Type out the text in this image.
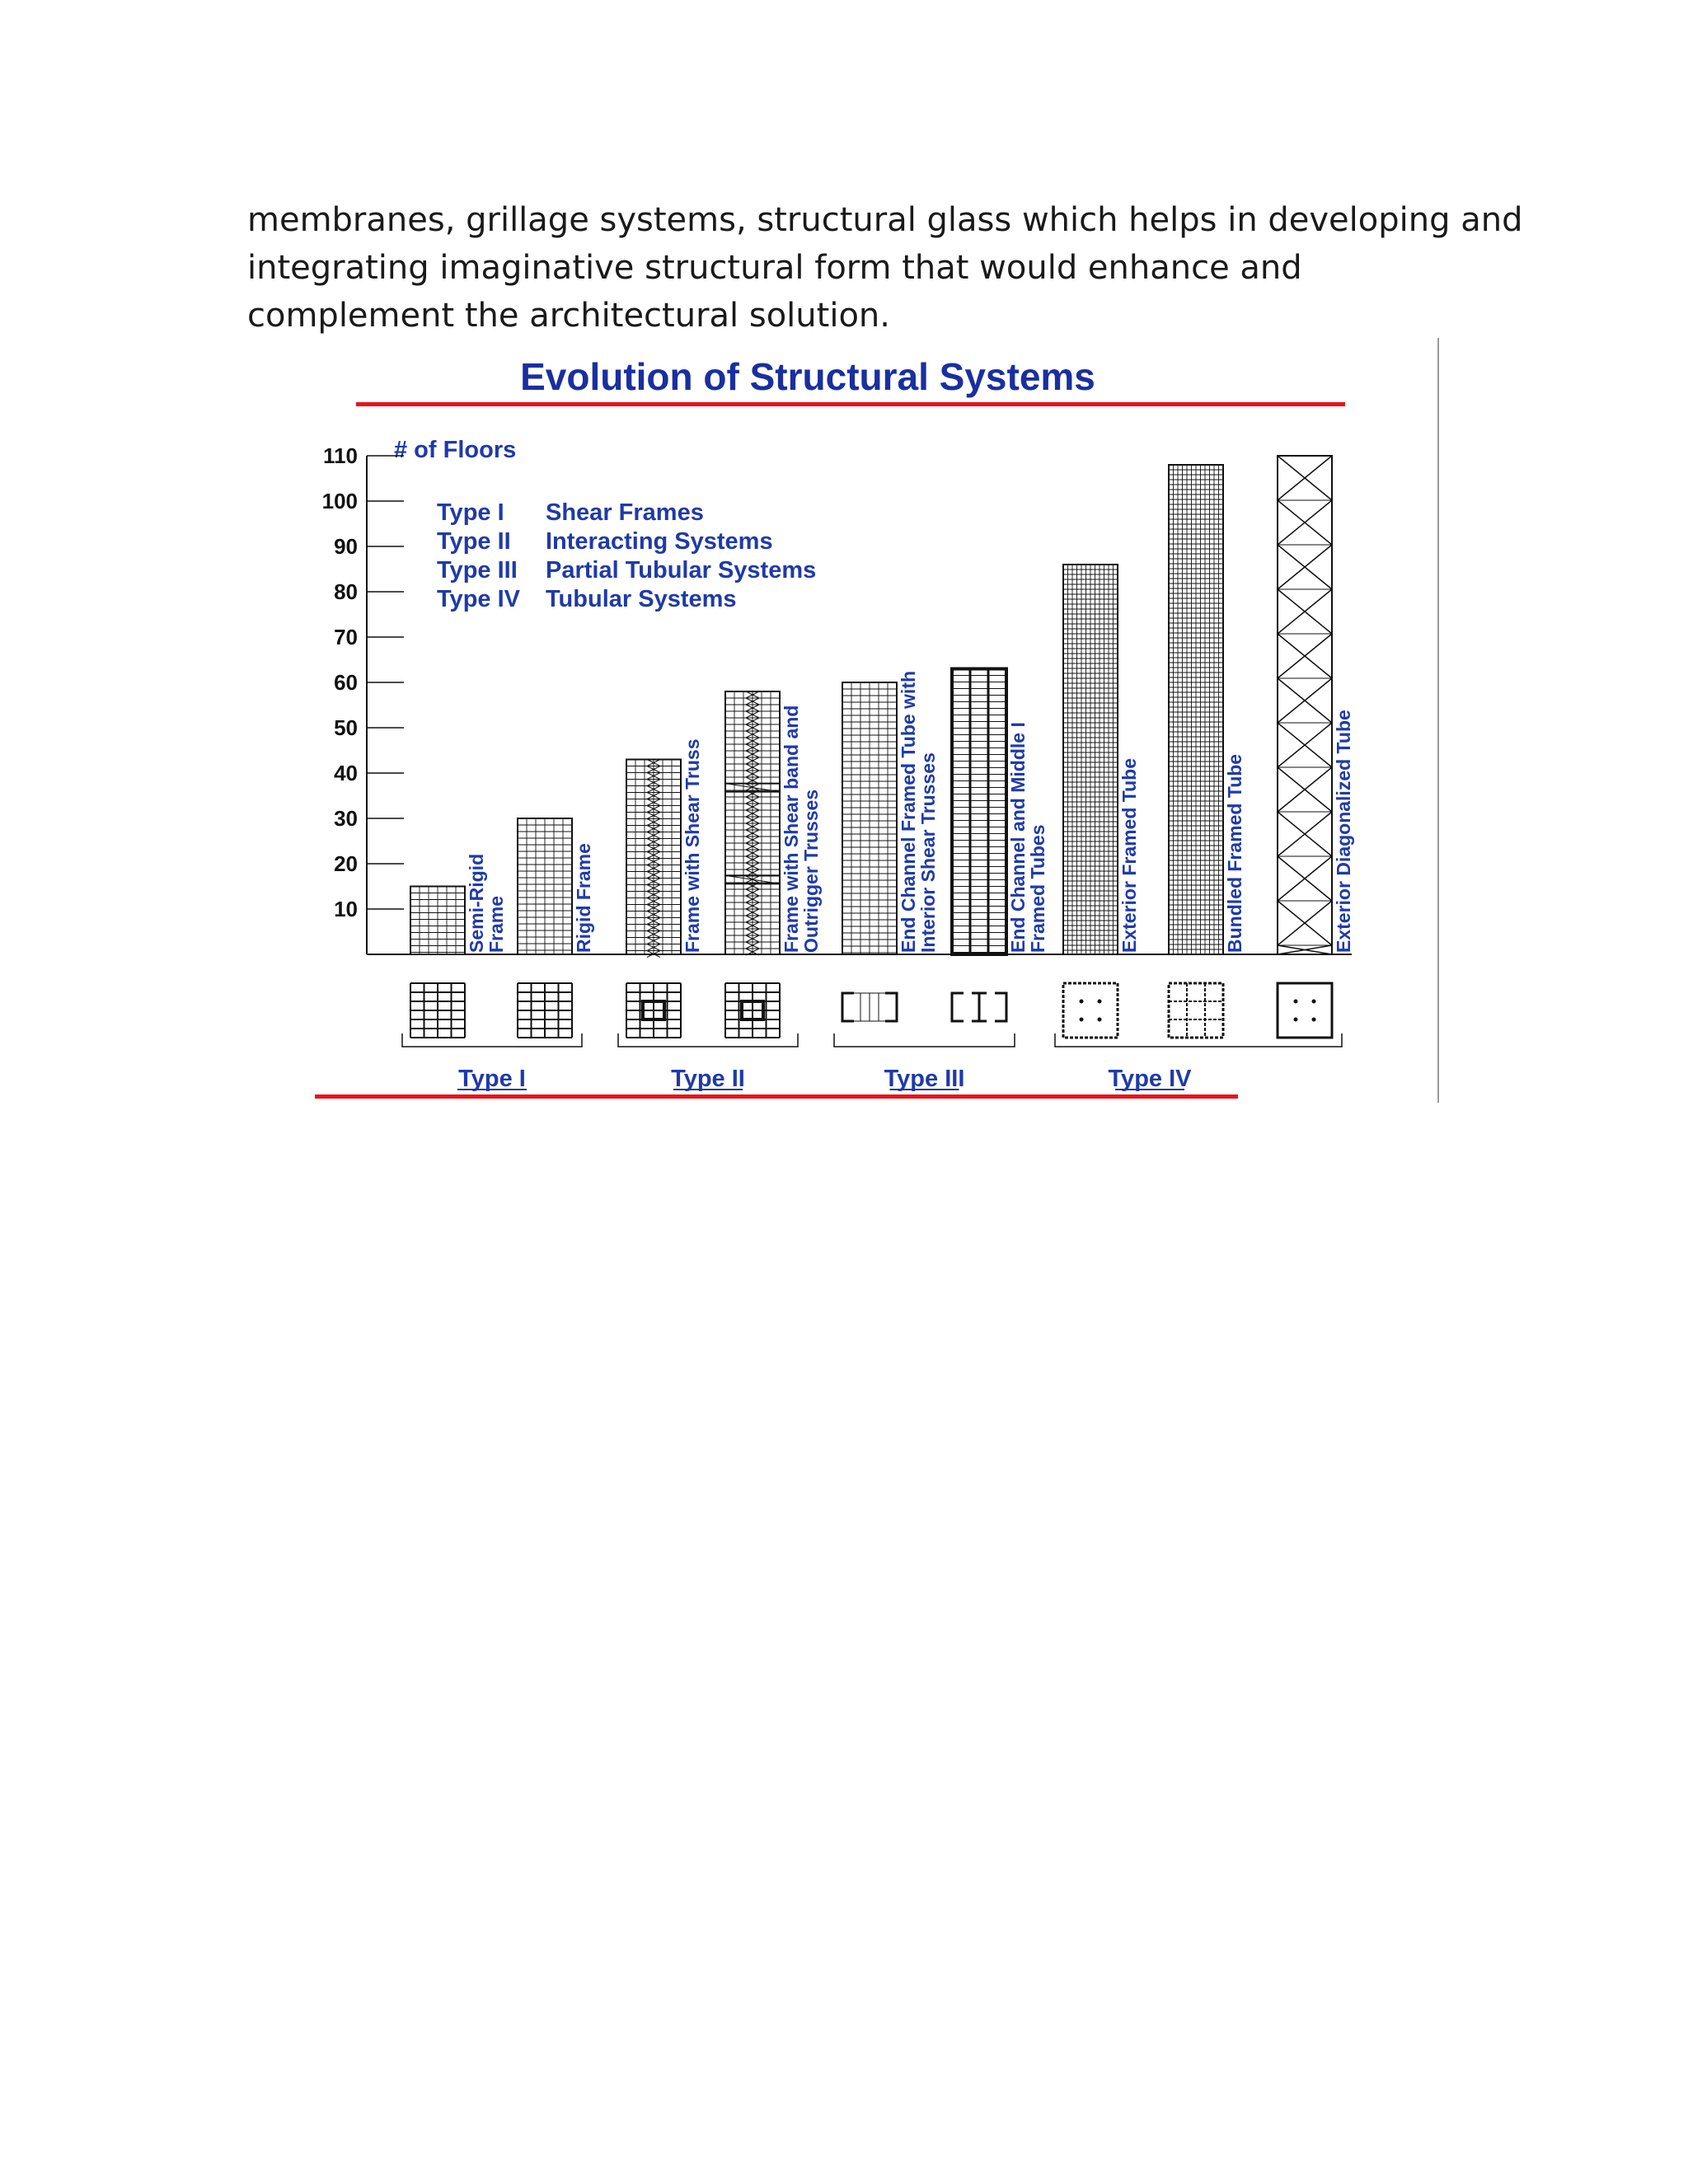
membranes, grillage systems, structural glass which helps in developing and
integrating imaginative structural form that would enhance and
complement the architectural solution.
Evolution of Structural Systems
# of Floors
Type I Shear Frames
Type II Interacting Systems
Type III Partial Tubular Systems
Type IV Tubular Systems
110
100
90
80
70
60
50
40
30
20
10	Semi-Rigid
Frame	Rigid Frame	Frame with Shear Truss	Frame with Shear band and
Outrigger Trusses	End Channel Framed Tube with
Interior Shear Trusses	End Channel and Middle I
Framed Tubes	Exterior Framed Tube	Bundled Framed Tube	Exterior Diagonalized Tube
Type I	Type II	Type III	Type IV
